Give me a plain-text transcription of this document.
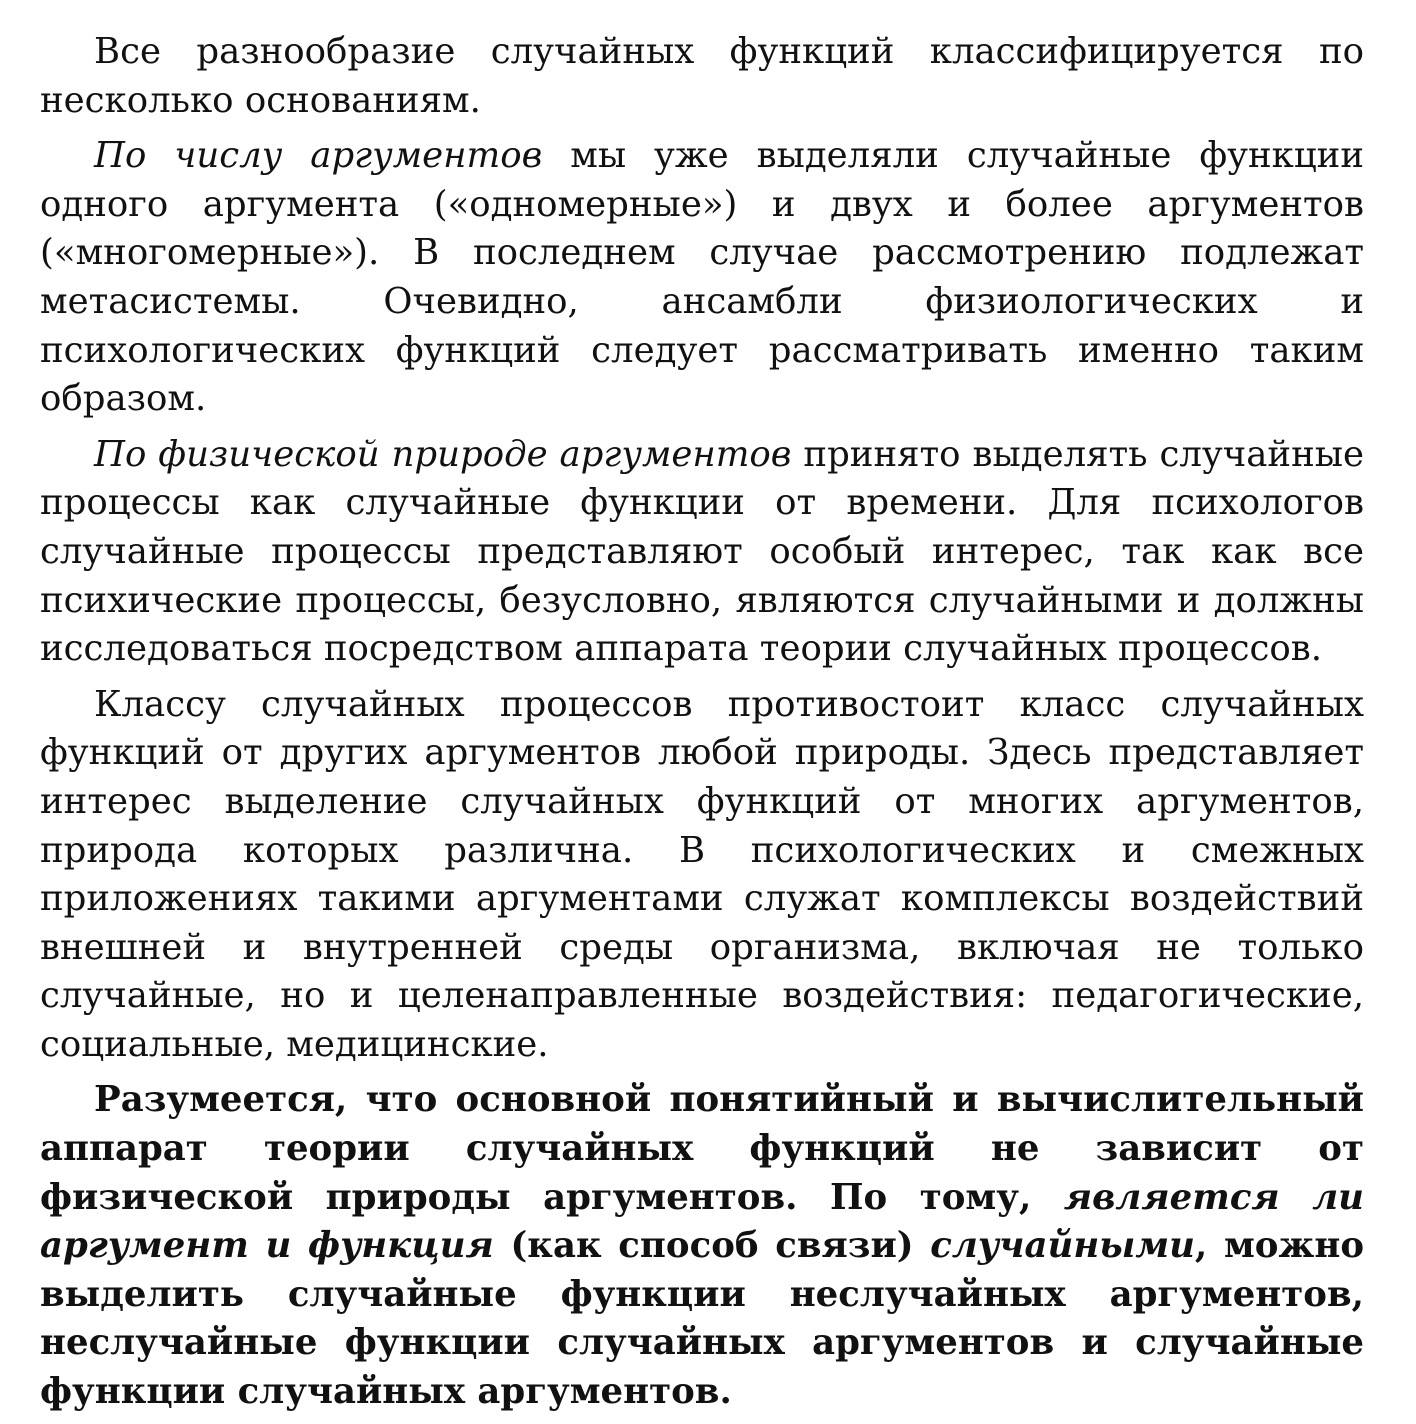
Все разнообразие случайных функций классифицируется по несколько основаниям.

По числу аргументов мы уже выделяли случайные функции одного аргумента («одномерные») и двух и более аргументов («многомерные»). В последнем случае рассмотрению подлежат метасистемы. Очевидно, ансамбли физиологических и психологических функций следует рассматривать именно таким образом.

По физической природе аргументов принято выделять случайные процессы как случайные функции от времени. Для психологов случайные процессы представляют особый интерес, так как все психические процессы, безусловно, являются случайными и должны исследоваться посредством аппарата теории случайных процессов.

Классу случайных процессов противостоит класс случайных функций от других аргументов любой природы. Здесь представляет интерес выделение случайных функций от многих аргументов, природа которых различна. В психологических и смежных приложениях такими аргументами служат комплексы воздействий внешней и внутренней среды организма, включая не только случайные, но и целенаправленные воздействия: педагогические, социальные, медицинские.

Разумеется, что основной понятийный и вычислительный аппарат теории случайных функций не зависит от физической природы аргументов. По тому, является ли аргумент и функция (как способ связи) случайными, можно выделить случайные функции неслучайных аргументов, неслучайные функции случайных аргументов и случайные функции случайных аргументов.
